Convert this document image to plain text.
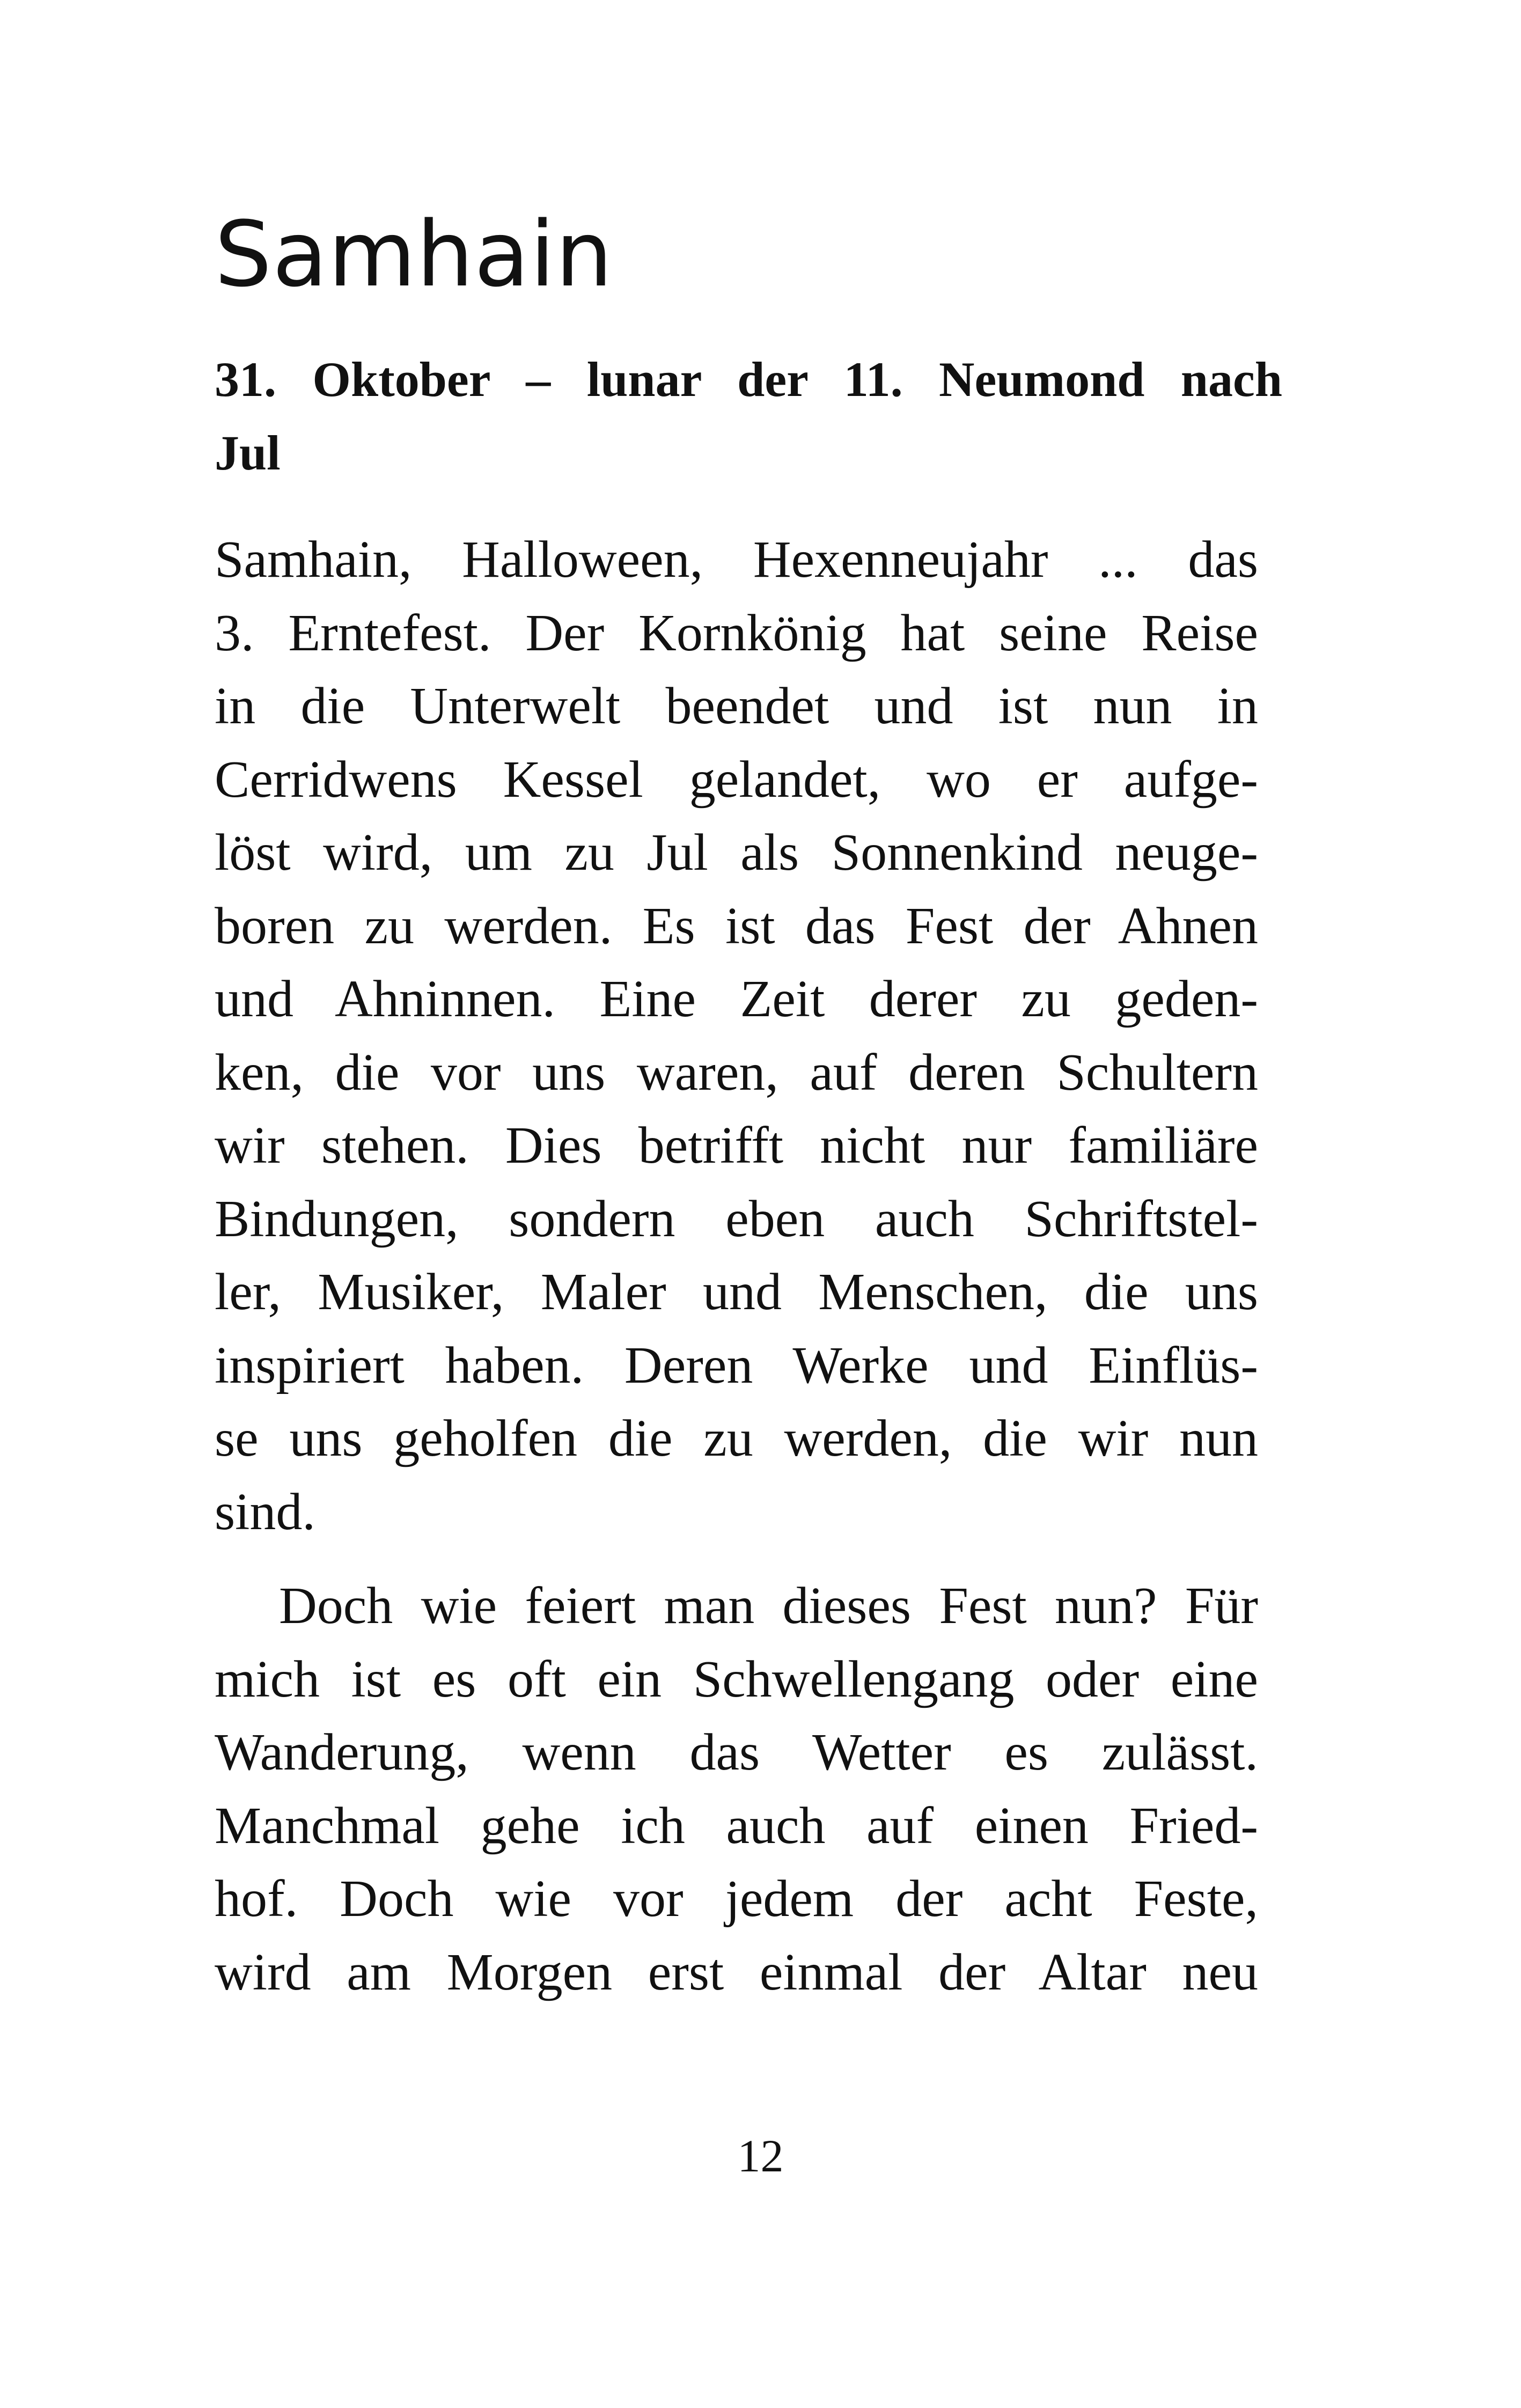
Samhain
31. Oktober – lunar der 11. Neumond nach
Jul
Samhain, Halloween, Hexenneujahr ... das
3. Erntefest. Der Kornkönig hat seine Reise
in die Unterwelt beendet und ist nun in
Cerridwens Kessel gelandet, wo er aufge-
löst wird, um zu Jul als Sonnenkind neuge-
boren zu werden. Es ist das Fest der Ahnen
und Ahninnen. Eine Zeit derer zu geden-
ken, die vor uns waren, auf deren Schultern
wir stehen. Dies betrifft nicht nur familiäre
Bindungen, sondern eben auch Schriftstel-
ler, Musiker, Maler und Menschen, die uns
inspiriert haben. Deren Werke und Einflüs-
se uns geholfen die zu werden, die wir nun
sind.
Doch wie feiert man dieses Fest nun? Für
mich ist es oft ein Schwellengang oder eine
Wanderung, wenn das Wetter es zulässt.
Manchmal gehe ich auch auf einen Fried-
hof. Doch wie vor jedem der acht Feste,
wird am Morgen erst einmal der Altar neu
12
